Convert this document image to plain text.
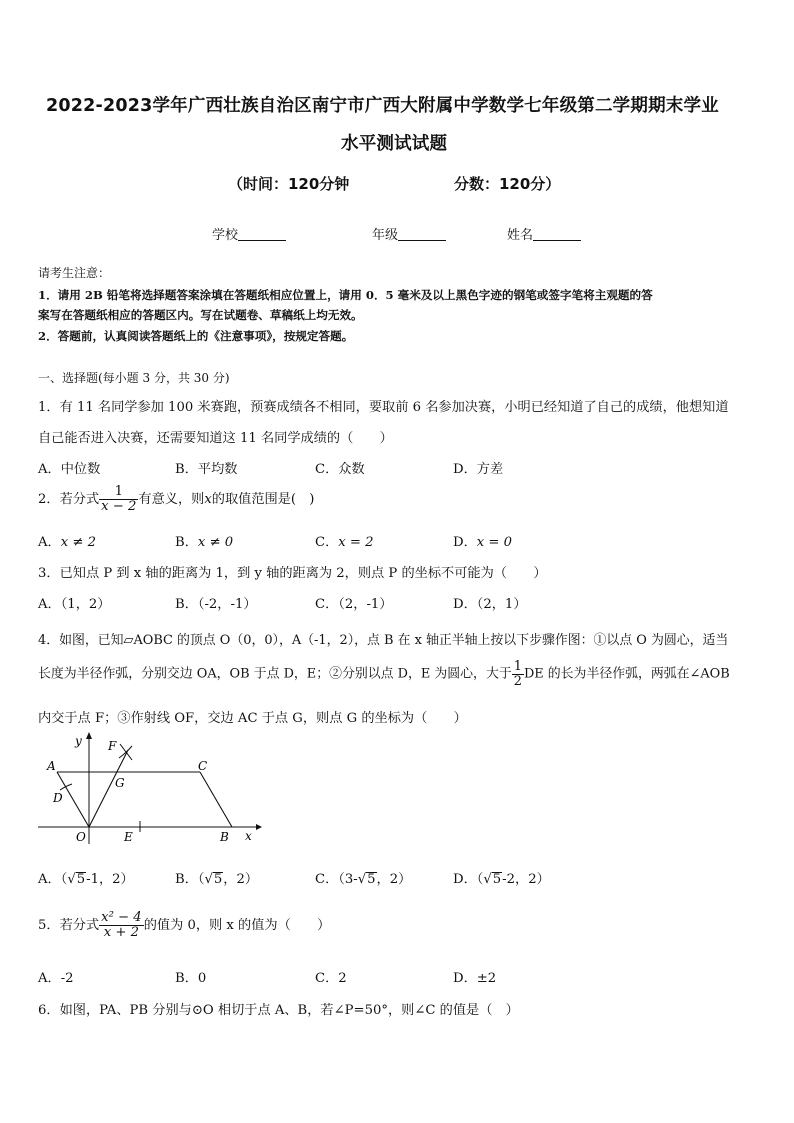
2022-2023学年广西壮族自治区南宁市广西大附属中学数学七年级第二学期期末学业
水平测试试题
（时间：120分钟	分数：120分）
学校	年级	姓名
请考生注意：
1．请用 2B 铅笔将选择题答案涂填在答题纸相应位置上，请用 0．5 毫米及以上黑色字迹的钢笔或签字笔将主观题的答
案写在答题纸相应的答题区内。写在试题卷、草稿纸上均无效。
2．答题前，认真阅读答题纸上的《注意事项》，按规定答题。
一、选择题(每小题 3 分，共 30 分)
1．有 11 名同学参加 100 米赛跑，预赛成绩各不相同，要取前 6 名参加决赛，小明已经知道了自己的成绩，他想知道
自己能否进入决赛，还需要知道这 11 名同学成绩的（　　）
A．中位数	B．平均数	C．众数	D．方差
2．若分式 $\frac{1}{x - 2}$ 有意义，则x的取值范围是(　)
A．x ≠ 2	B．x ≠ 0	C．x = 2	D．x = 0
3．已知点 P 到 x 轴的距离为 1，到 y 轴的距离为 2，则点 P 的坐标不可能为（　　）
A．（1，2）	B．（-2，-1）	C．（2，-1）	D．（2，1）
4．如图，已知▱AOBC 的顶点 O（0，0），A（-1，2），点 B 在 x 轴正半轴上按以下步骤作图：①以点 O 为圆心，适当
长度为半径作弧，分别交边 OA，OB 于点 D，E；②分别以点 D，E 为圆心，大于 $\frac{1}{2}$ DE 的长为半径作弧，两弧在∠AOB
内交于点 F；③作射线 OF，交边 AC 于点 G，则点 G 的坐标为（　　）
y
x
F
A	C
G
D
O	E	B
A．（√5-1，2）	B．（√5，2）	C．（3-√5，2）	D．（√5-2，2）
5．若分式 $\frac{\text{x² − 4}}{x + 2}$ 的值为 0，则 x 的值为（　　）
A．-2	B．0	C．2	D．±2
6．如图，PA、PB 分别与⊙O 相切于点 A、B，若∠P=50°，则∠C 的值是（　）
